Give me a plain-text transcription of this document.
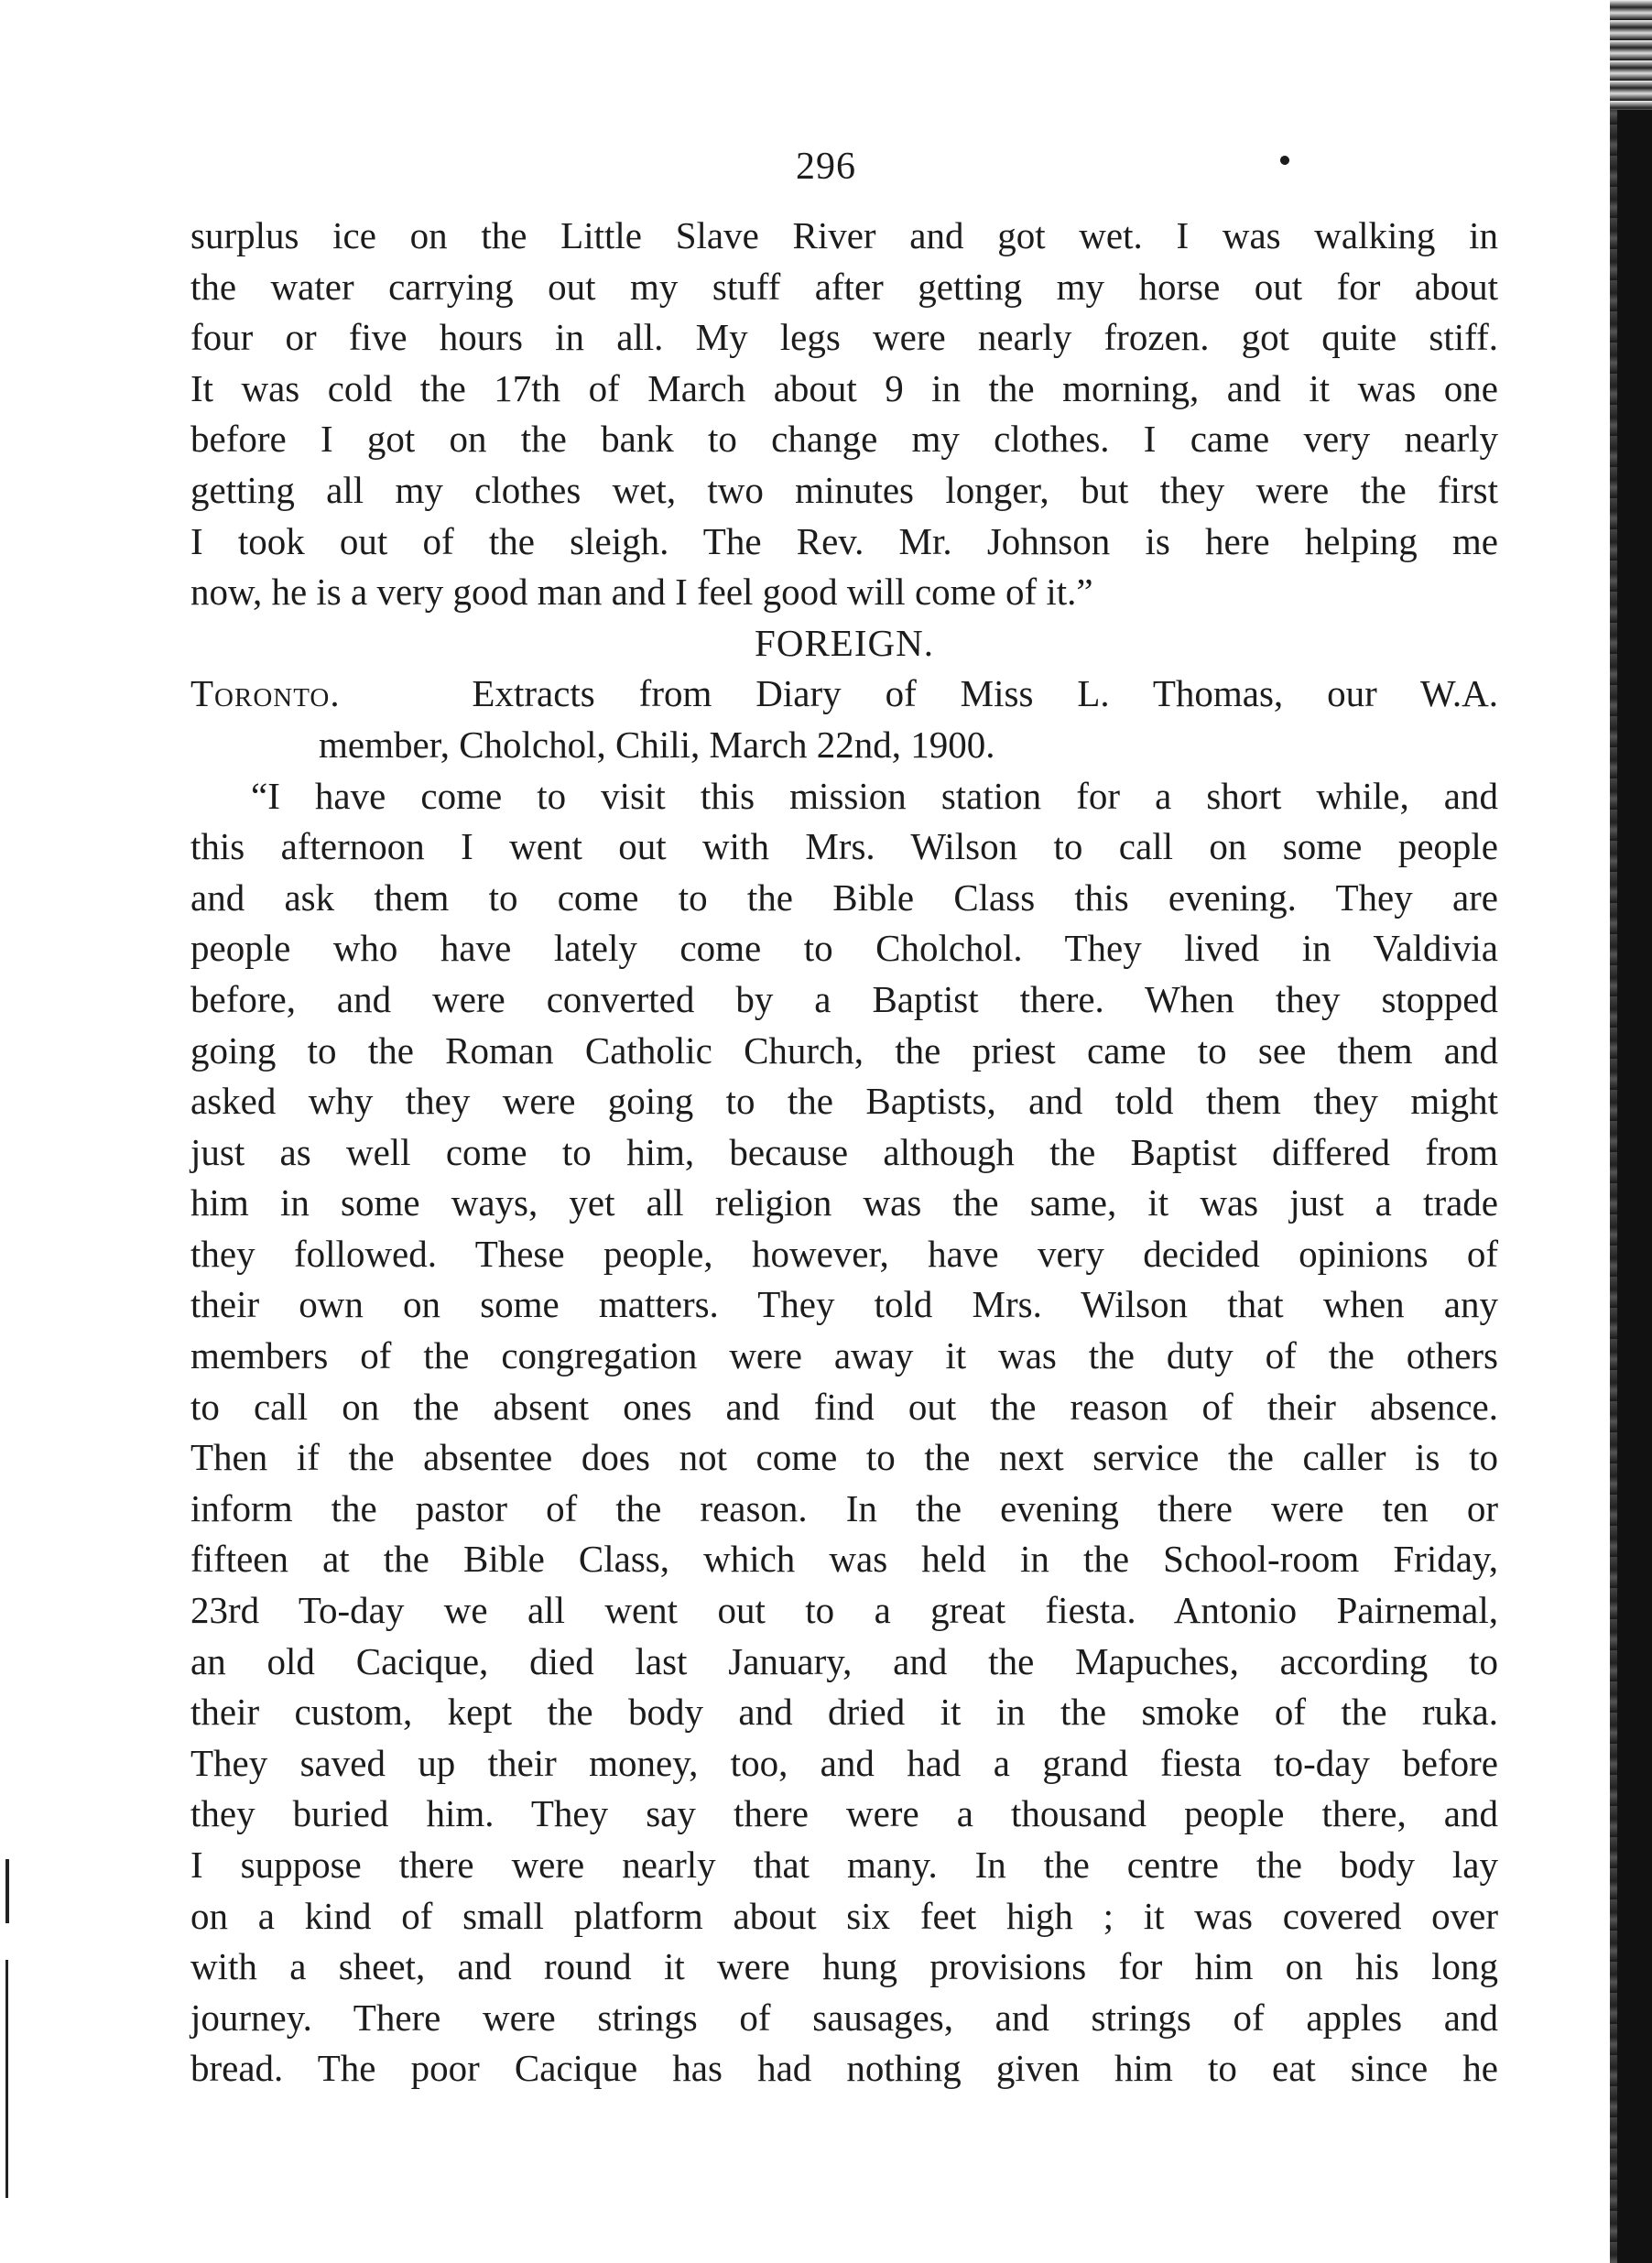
296
surplus ice on the Little Slave River and got wet. I was walking in
the water carrying out my stuff after getting my horse out for about
four or five hours in all. My legs were nearly frozen. got quite stiff.
It was cold the 17th of March about 9 in the morning, and it was one
before I got on the bank to change my clothes. I came very nearly
getting all my clothes wet, two minutes longer, but they were the first
I took out of the sleigh. The Rev. Mr. Johnson is here helping me
now, he is a very good man and I feel good will come of it.”
FOREIGN.
Toronto.	Extracts from Diary of Miss L. Thomas, our W.A.
member, Cholchol, Chili, March 22nd, 1900.
“I have come to visit this mission station for a short while, and
this afternoon I went out with Mrs. Wilson to call on some people
and ask them to come to the Bible Class this evening. They are
people who have lately come to Cholchol. They lived in Valdivia
before, and were converted by a Baptist there. When they stopped
going to the Roman Catholic Church, the priest came to see them and
asked why they were going to the Baptists, and told them they might
just as well come to him, because although the Baptist differed from
him in some ways, yet all religion was the same, it was just a trade
they followed. These people, however, have very decided opinions of
their own on some matters. They told Mrs. Wilson that when any
members of the congregation were away it was the duty of the others
to call on the absent ones and find out the reason of their absence.
Then if the absentee does not come to the next service the caller is to
inform the pastor of the reason. In the evening there were ten or
fifteen at the Bible Class, which was held in the School-room Friday,
23rd To-day we all went out to a great fiesta. Antonio Pairnemal,
an old Cacique, died last January, and the Mapuches, according to
their custom, kept the body and dried it in the smoke of the ruka.
They saved up their money, too, and had a grand fiesta to-day before
they buried him. They say there were a thousand people there, and
I suppose there were nearly that many. In the centre the body lay
on a kind of small platform about six feet high ; it was covered over
with a sheet, and round it were hung provisions for him on his long
journey. There were strings of sausages, and strings of apples and
bread. The poor Cacique has had nothing given him to eat since he
